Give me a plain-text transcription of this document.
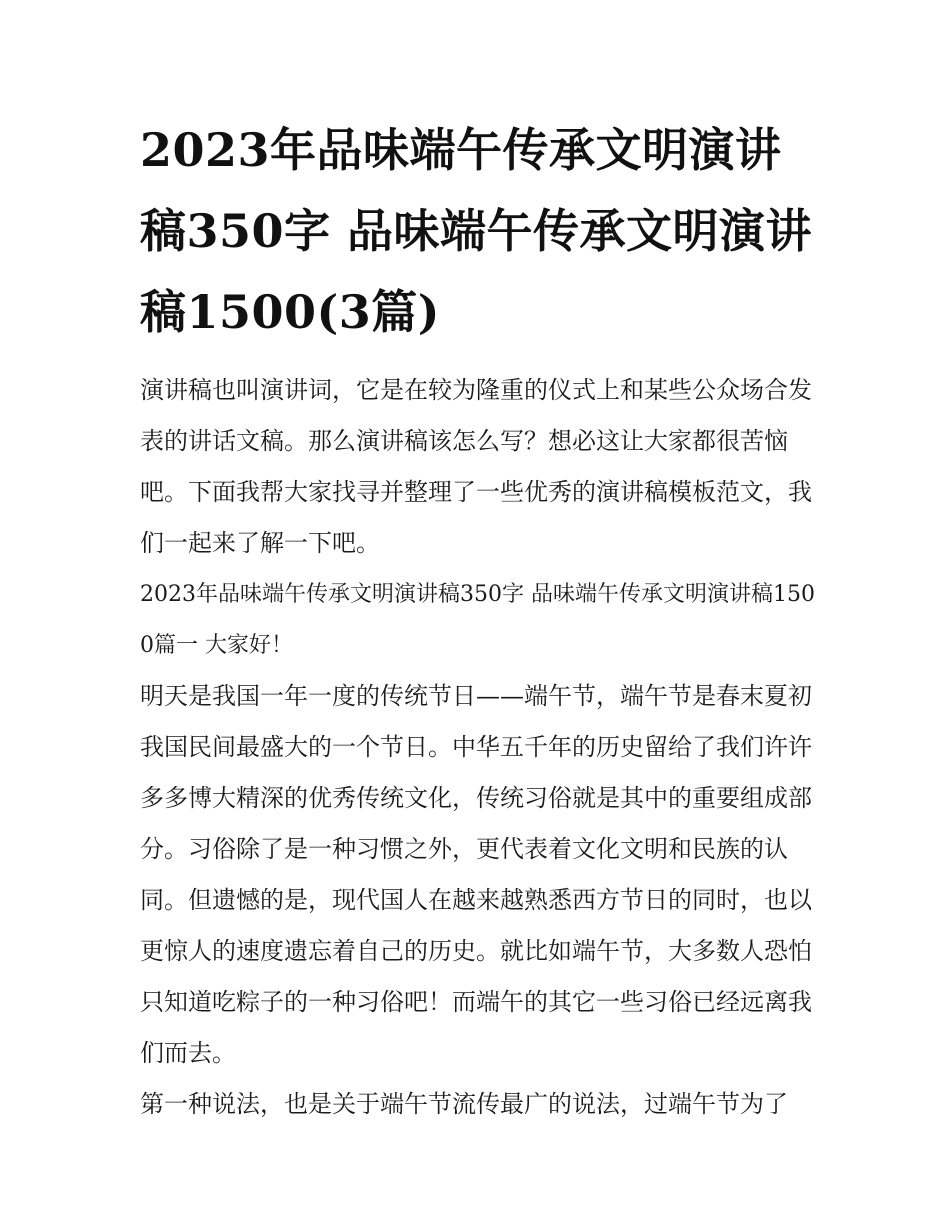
2023年品味端午传承文明演讲稿350字 品味端午传承文明演讲稿1500(3篇)
演讲稿也叫演讲词，它是在较为隆重的仪式上和某些公众场合发表的讲话文稿。那么演讲稿该怎么写？想必这让大家都很苦恼吧。下面我帮大家找寻并整理了一些优秀的演讲稿模板范文，我们一起来了解一下吧。
2023年品味端午传承文明演讲稿350字 品味端午传承文明演讲稿1500篇一 大家好！
明天是我国一年一度的传统节日——端午节，端午节是春末夏初我国民间最盛大的一个节日。中华五千年的历史留给了我们许许多多博大精深的优秀传统文化，传统习俗就是其中的重要组成部分。习俗除了是一种习惯之外，更代表着文化文明和民族的认同。但遗憾的是，现代国人在越来越熟悉西方节日的同时，也以更惊人的速度遗忘着自己的历史。就比如端午节，大多数人恐怕只知道吃粽子的一种习俗吧！而端午的其它一些习俗已经远离我们而去。
第一种说法，也是关于端午节流传最广的说法，过端午节为了
